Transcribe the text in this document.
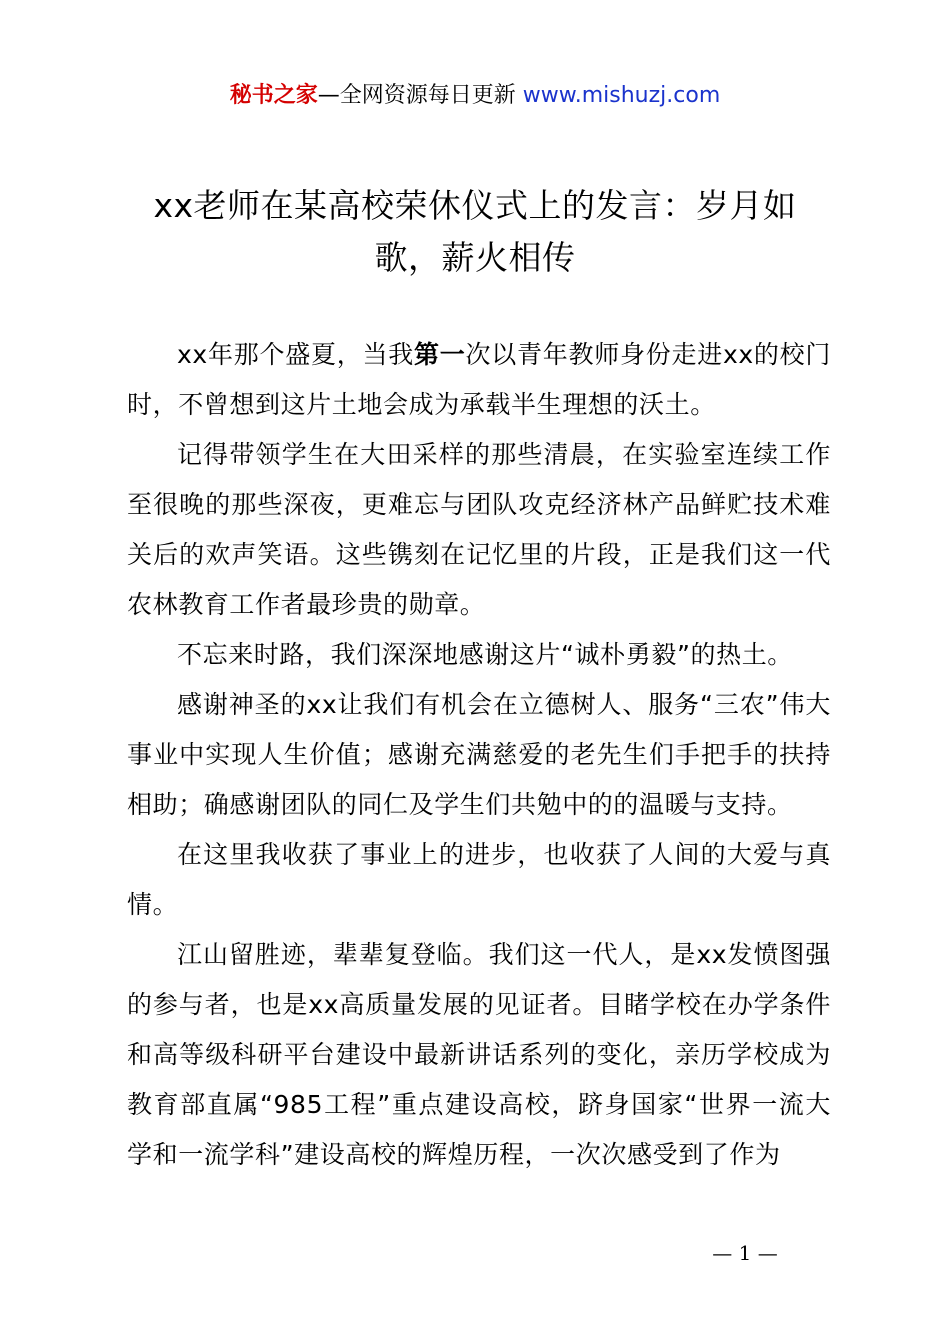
秘书之家—全网资源每日更新 www.mishuzj.com
xx老师在某高校荣休仪式上的发言：岁月如歌，薪火相传

xx年那个盛夏，当我第一次以青年教师身份走进xx的校门时，不曾想到这片土地会成为承载半生理想的沃土。

记得带领学生在大田采样的那些清晨，在实验室连续工作至很晚的那些深夜，更难忘与团队攻克经济林产品鲜贮技术难关后的欢声笑语。这些镌刻在记忆里的片段，正是我们这一代农林教育工作者最珍贵的勋章。

不忘来时路，我们深深地感谢这片“诚朴勇毅”的热土。

感谢神圣的xx让我们有机会在立德树人、服务“三农”伟大事业中实现人生价值；感谢充满慈爱的老先生们手把手的扶持相助；确感谢团队的同仁及学生们共勉中的的温暖与支持。

在这里我收获了事业上的进步，也收获了人间的大爱与真情。

江山留胜迹，辈辈复登临。我们这一代人，是xx发愤图强的参与者，也是xx高质量发展的见证者。目睹学校在办学条件和高等级科研平台建设中最新讲话系列的变化，亲历学校成为教育部直属“985工程”重点建设高校，跻身国家“世界一流大学和一流学科”建设高校的辉煌历程，一次次感受到了作为

— 1 —
